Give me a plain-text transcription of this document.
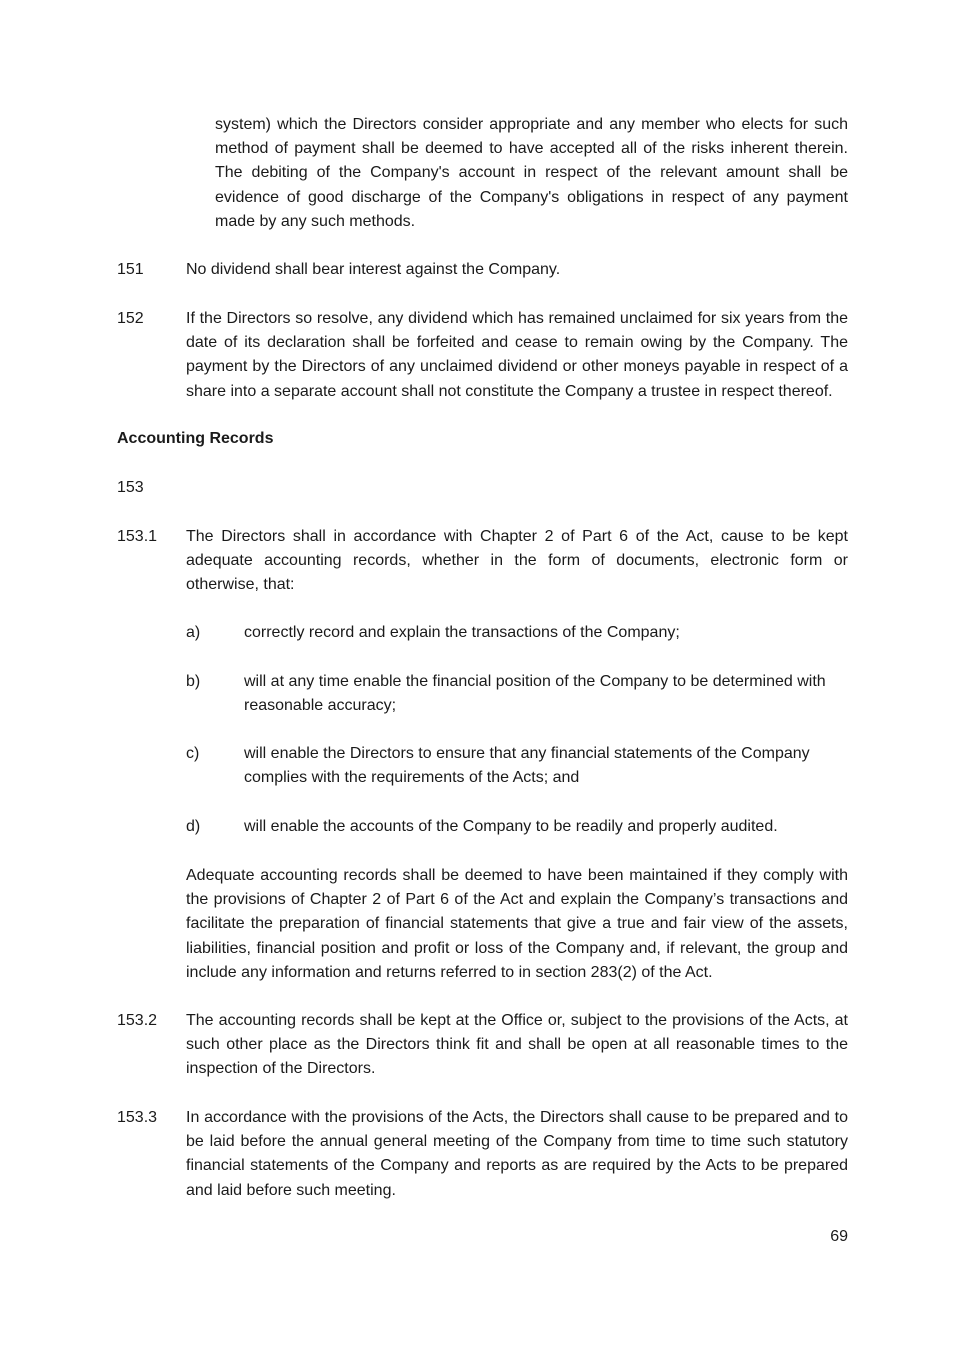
system) which the Directors consider appropriate and any member who elects for such method of payment shall be deemed to have accepted all of the risks inherent therein. The debiting of the Company's account in respect of the relevant amount shall be evidence of good discharge of the Company's obligations in respect of any payment made by any such methods.

151	No dividend shall bear interest against the Company.

152	If the Directors so resolve, any dividend which has remained unclaimed for six years from the date of its declaration shall be forfeited and cease to remain owing by the Company. The payment by the Directors of any unclaimed dividend or other moneys payable in respect of a share into a separate account shall not constitute the Company a trustee in respect thereof.

Accounting Records

153

153.1 The Directors shall in accordance with Chapter 2 of Part 6 of the Act, cause to be kept adequate accounting records, whether in the form of documents, electronic form or otherwise, that:

a)	correctly record and explain the transactions of the Company;

b)	will at any time enable the financial position of the Company to be determined with reasonable accuracy;

c)	will enable the Directors to ensure that any financial statements of the Company complies with the requirements of the Acts; and

d)	will enable the accounts of the Company to be readily and properly audited.

Adequate accounting records shall be deemed to have been maintained if they comply with the provisions of Chapter 2 of Part 6 of the Act and explain the Company’s transactions and facilitate the preparation of financial statements that give a true and fair view of the assets, liabilities, financial position and profit or loss of the Company and, if relevant, the group and include any information and returns referred to in section 283(2) of the Act.

153.2 The accounting records shall be kept at the Office or, subject to the provisions of the Acts, at such other place as the Directors think fit and shall be open at all reasonable times to the inspection of the Directors.

153.3 In accordance with the provisions of the Acts, the Directors shall cause to be prepared and to be laid before the annual general meeting of the Company from time to time such statutory financial statements of the Company and reports as are required by the Acts to be prepared and laid before such meeting.

69
